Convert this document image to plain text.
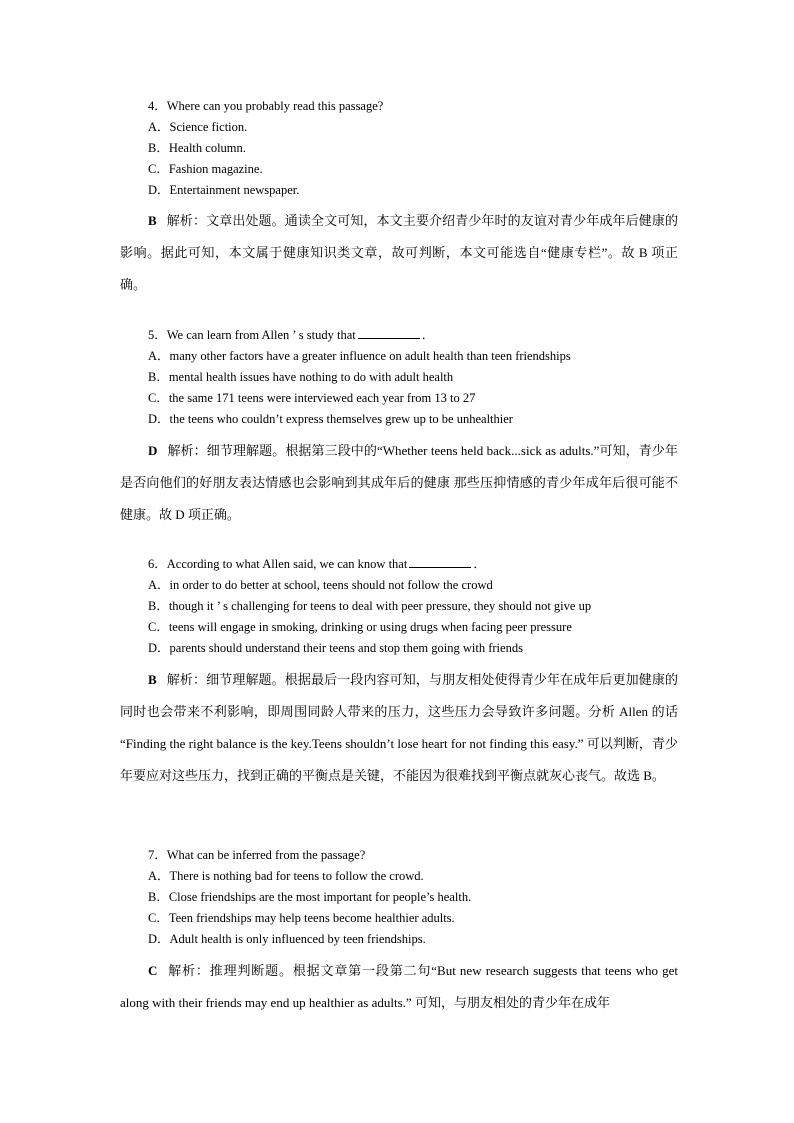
4．Where can you probably read this passage?

A．Science fiction.
B．Health column.
C．Fashion magazine.
D．Entertainment newspaper.
B 解析：文章出处题。通读全文可知，本文主要介绍青少年时的友谊对青少年成年后健康的影响。据此可知，本文属于健康知识类文章，故可判断，本文可能选自“健康专栏”。故 B 项正确。

5．We can learn from Allen ’ s study that	．

A．many other factors have a greater influence on adult health than teen friendships
B．mental health issues have nothing to do with adult health
C．the same 171 teens were interviewed each year from 13 to 27
D．the teens who couldn’t express themselves grew up to be unhealthier
D 解析：细节理解题。根据第三段中的“Whether teens held back...sick as adults.”可知，青少年是否向他们的好朋友表达情感也会影响到其成年后的健康 那些压抑情感的青少年成年后很可能不健康。故 D 项正确。

6．According to what Allen said, we can know that	．

A．in order to do better at school, teens should not follow the crowd
B．though it ’ s challenging for teens to deal with peer pressure, they should not give up
C．teens will engage in smoking, drinking or using drugs when facing peer pressure
D．parents should understand their teens and stop them going with friends
B 解析：细节理解题。根据最后一段内容可知，与朋友相处使得青少年在成年后更加健康的同时也会带来不利影响，即周围同龄人带来的压力，这些压力会导致许多问题。分析 Allen 的话 “Finding the right balance is the key.Teens shouldn’t lose heart for not finding this easy.” 可以判断，青少年要应对这些压力，找到正确的平衡点是关键，不能因为很难找到平衡点就灰心丧气。故选 B。

7．What can be inferred from the passage?

A．There is nothing bad for teens to follow the crowd.
B．Close friendships are the most important for people’s health.
C．Teen friendships may help teens become healthier adults.
D．Adult health is only influenced by teen friendships.
C 解析：推理判断题。根据文章第一段第二句“But new research suggests that teens who get along with their friends may end up healthier as adults.” 可知，与朋友相处的青少年在成年
